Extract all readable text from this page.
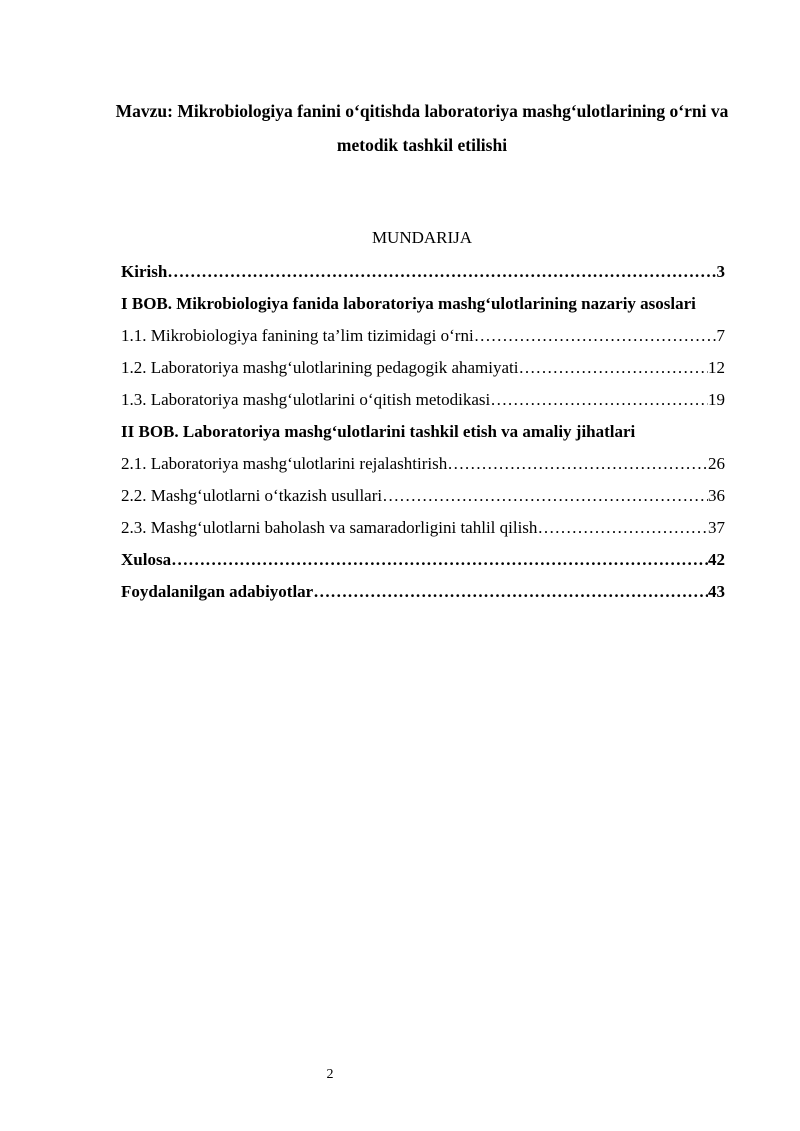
Mavzu: Mikrobiologiya fanini o‘qitishda laboratoriya mashg‘ulotlarining o‘rni va metodik tashkil etilishi
MUNDARIJA
Kirish …………………………………………………………………………………………………………………………………………………………	3
I BOB. Mikrobiologiya fanida laboratoriya mashg‘ulotlarining nazariy asoslari
1.1. Mikrobiologiya fanining ta’lim tizimidagi o‘rni …………………………………………………………………………………………………………………………………………………………	7
1.2. Laboratoriya mashg‘ulotlarining pedagogik ahamiyati …………………………………………………………………………………………………………………………………………………………	12
1.3. Laboratoriya mashg‘ulotlarini o‘qitish metodikasi …………………………………………………………………………………………………………………………………………………………	19
II BOB. Laboratoriya mashg‘ulotlarini tashkil etish va amaliy jihatlari
2.1. Laboratoriya mashg‘ulotlarini rejalashtirish …………………………………………………………………………………………………………………………………………………………	26
2.2. Mashg‘ulotlarni o‘tkazish usullari …………………………………………………………………………………………………………………………………………………………	36
2.3. Mashg‘ulotlarni baholash va samaradorligini tahlil qilish …………………………………………………………………………………………………………………………………………………………	37
Xulosa …………………………………………………………………………………………………………………………………………………………	42
Foydalanilgan adabiyotlar …………………………………………………………………………………………………………………………………………………………	43
2
